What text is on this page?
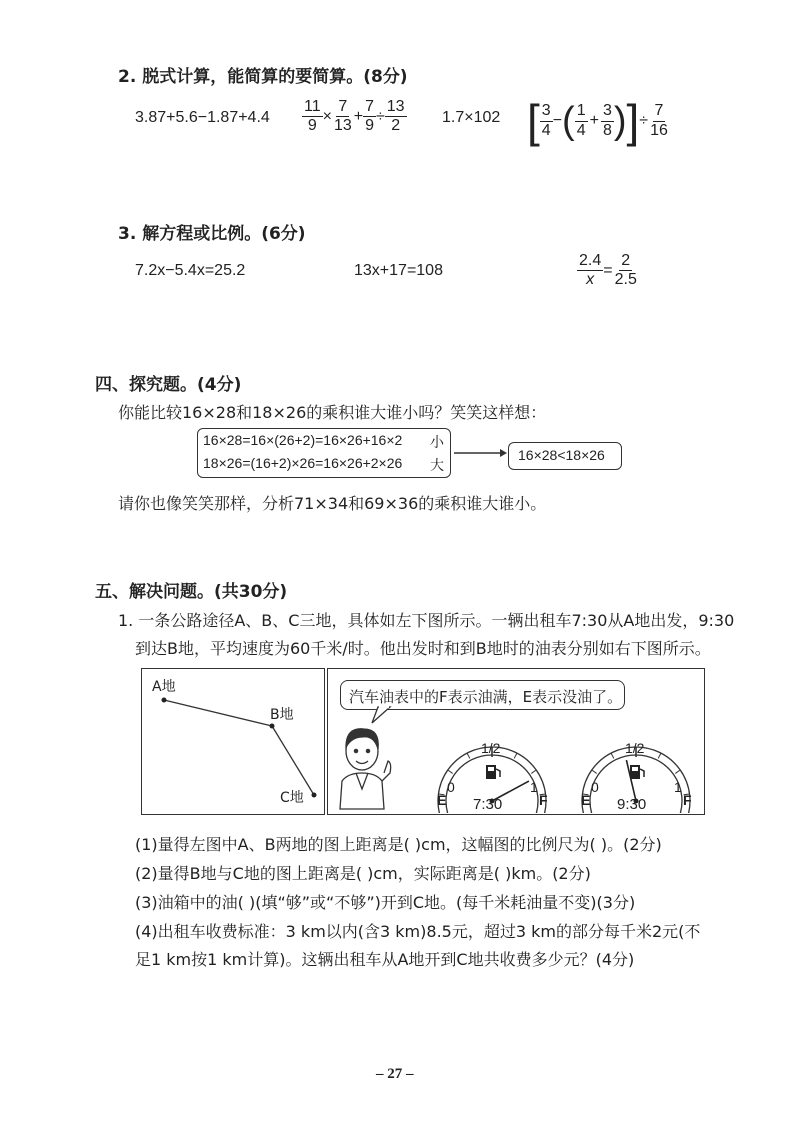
2. 脱式计算，能简算的要简算。(8分)
$3.87+5.6-1.87+4.4 \frac{11}{9} \times \frac{7}{13} + \frac{7}{9} \div \frac{13}{2} 1.7\times 102$ [ $\frac{3}{4}$ − ( $\frac{1}{4} + \frac{3}{8}$ ) ] ÷ $\frac{7}{16}$
3. 解方程或比例。(6分)
7.2x−5.4x=25.2	13x+17=108	$\frac{2.4}{x} = \frac{2}{2.5}$
四、探究题。(4分)
你能比较16×28和18×26的乘积谁大谁小吗？笑笑这样想：
16×28=16×(26+2)=16×26+16×2 小
18×26=(16+2)×26=16×26+2×26 大
16×28<18×26
请你也像笑笑那样，分析71×34和69×36的乘积谁大谁小。
五、解决问题。(共30分)
1. 一条公路途径A、B、C三地，具体如左下图所示。一辆出租车7:30从A地出发，9:30
到达B地，平均速度为60千米/时。他出发时和到B地时的油表分别如右下图所示。
A地
B地
C地
汽车油表中的F表示油满，E表示没油了。
1/2
E
0	1
F
7:30
1/2
E
0	1
F
9:30
(1)量得左图中A、B两地的图上距离是( )cm，这幅图的比例尺为( )。(2分)
(2)量得B地与C地的图上距离是( )cm，实际距离是( )km。(2分)
(3)油箱中的油( )(填“够”或“不够”)开到C地。(每千米耗油量不变)(3分)
(4)出租车收费标准：3 km以内(含3 km)8.5元，超过3 km的部分每千米2元(不
足1 km按1 km计算)。这辆出租车从A地开到C地共收费多少元？(4分)
– 27 –
